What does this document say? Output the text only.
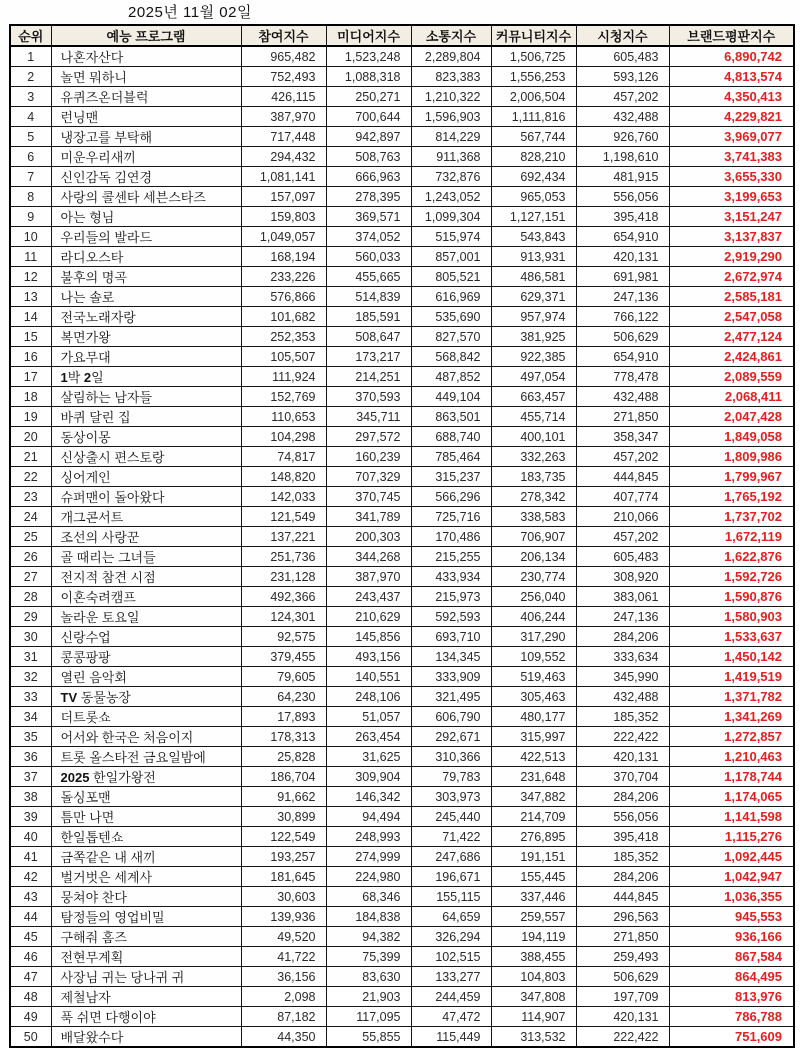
2025년 11월 02일
순위	예능 프로그램	참여지수	미디어지수	소통지수	커뮤니티지수	시청지수	브랜드평판지수
1	나혼자산다	965,482	1,523,248	2,289,804	1,506,725	605,483	6,890,742
2	놀면 뭐하니	752,493	1,088,318	823,383	1,556,253	593,126	4,813,574
3	유퀴즈온더블럭	426,115	250,271	1,210,322	2,006,504	457,202	4,350,413
4	런닝맨	387,970	700,644	1,596,903	1,111,816	432,488	4,229,821
5	냉장고를 부탁해	717,448	942,897	814,229	567,744	926,760	3,969,077
6	미운우리새끼	294,432	508,763	911,368	828,210	1,198,610	3,741,383
7	신인감독 김연경	1,081,141	666,963	732,876	692,434	481,915	3,655,330
8	사랑의 콜센타 세븐스타즈	157,097	278,395	1,243,052	965,053	556,056	3,199,653
9	아는 형님	159,803	369,571	1,099,304	1,127,151	395,418	3,151,247
10	우리들의 발라드	1,049,057	374,052	515,974	543,843	654,910	3,137,837
11	라디오스타	168,194	560,033	857,001	913,931	420,131	2,919,290
12	불후의 명곡	233,226	455,665	805,521	486,581	691,981	2,672,974
13	나는 솔로	576,866	514,839	616,969	629,371	247,136	2,585,181
14	전국노래자랑	101,682	185,591	535,690	957,974	766,122	2,547,058
15	복면가왕	252,353	508,647	827,570	381,925	506,629	2,477,124
16	가요무대	105,507	173,217	568,842	922,385	654,910	2,424,861
17	1박 2일	111,924	214,251	487,852	497,054	778,478	2,089,559
18	살림하는 남자들	152,769	370,593	449,104	663,457	432,488	2,068,411
19	바퀴 달린 집	110,653	345,711	863,501	455,714	271,850	2,047,428
20	동상이몽	104,298	297,572	688,740	400,101	358,347	1,849,058
21	신상출시 편스토랑	74,817	160,239	785,464	332,263	457,202	1,809,986
22	싱어게인	148,820	707,329	315,237	183,735	444,845	1,799,967
23	슈퍼맨이 돌아왔다	142,033	370,745	566,296	278,342	407,774	1,765,192
24	개그콘서트	121,549	341,789	725,716	338,583	210,066	1,737,702
25	조선의 사랑꾼	137,221	200,303	170,486	706,907	457,202	1,672,119
26	골 때리는 그녀들	251,736	344,268	215,255	206,134	605,483	1,622,876
27	전지적 참견 시점	231,128	387,970	433,934	230,774	308,920	1,592,726
28	이혼숙려캠프	492,366	243,437	215,973	256,040	383,061	1,590,876
29	놀라운 토요일	124,301	210,629	592,593	406,244	247,136	1,580,903
30	신랑수업	92,575	145,856	693,710	317,290	284,206	1,533,637
31	콩콩팡팡	379,455	493,156	134,345	109,552	333,634	1,450,142
32	열린 음악회	79,605	140,551	333,909	519,463	345,990	1,419,519
33	TV 동물농장	64,230	248,106	321,495	305,463	432,488	1,371,782
34	더트롯쇼	17,893	51,057	606,790	480,177	185,352	1,341,269
35	어서와 한국은 처음이지	178,313	263,454	292,671	315,997	222,422	1,272,857
36	트롯 올스타전 금요일밤에	25,828	31,625	310,366	422,513	420,131	1,210,463
37	2025 한일가왕전	186,704	309,904	79,783	231,648	370,704	1,178,744
38	돌싱포맨	91,662	146,342	303,973	347,882	284,206	1,174,065
39	틈만 나면	30,899	94,494	245,440	214,709	556,056	1,141,598
40	한일톱텐쇼	122,549	248,993	71,422	276,895	395,418	1,115,276
41	금쪽같은 내 새끼	193,257	274,999	247,686	191,151	185,352	1,092,445
42	벌거벗은 세계사	181,645	224,980	196,671	155,445	284,206	1,042,947
43	뭉쳐야 찬다	30,603	68,346	155,115	337,446	444,845	1,036,355
44	탐정들의 영업비밀	139,936	184,838	64,659	259,557	296,563	945,553
45	구해줘 홈즈	49,520	94,382	326,294	194,119	271,850	936,166
46	전현무계획	41,722	75,399	102,515	388,455	259,493	867,584
47	사장님 귀는 당나귀 귀	36,156	83,630	133,277	104,803	506,629	864,495
48	제철남자	2,098	21,903	244,459	347,808	197,709	813,976
49	푹 쉬면 다행이야	87,182	117,095	47,472	114,907	420,131	786,788
50	배달왔수다	44,350	55,855	115,449	313,532	222,422	751,609
